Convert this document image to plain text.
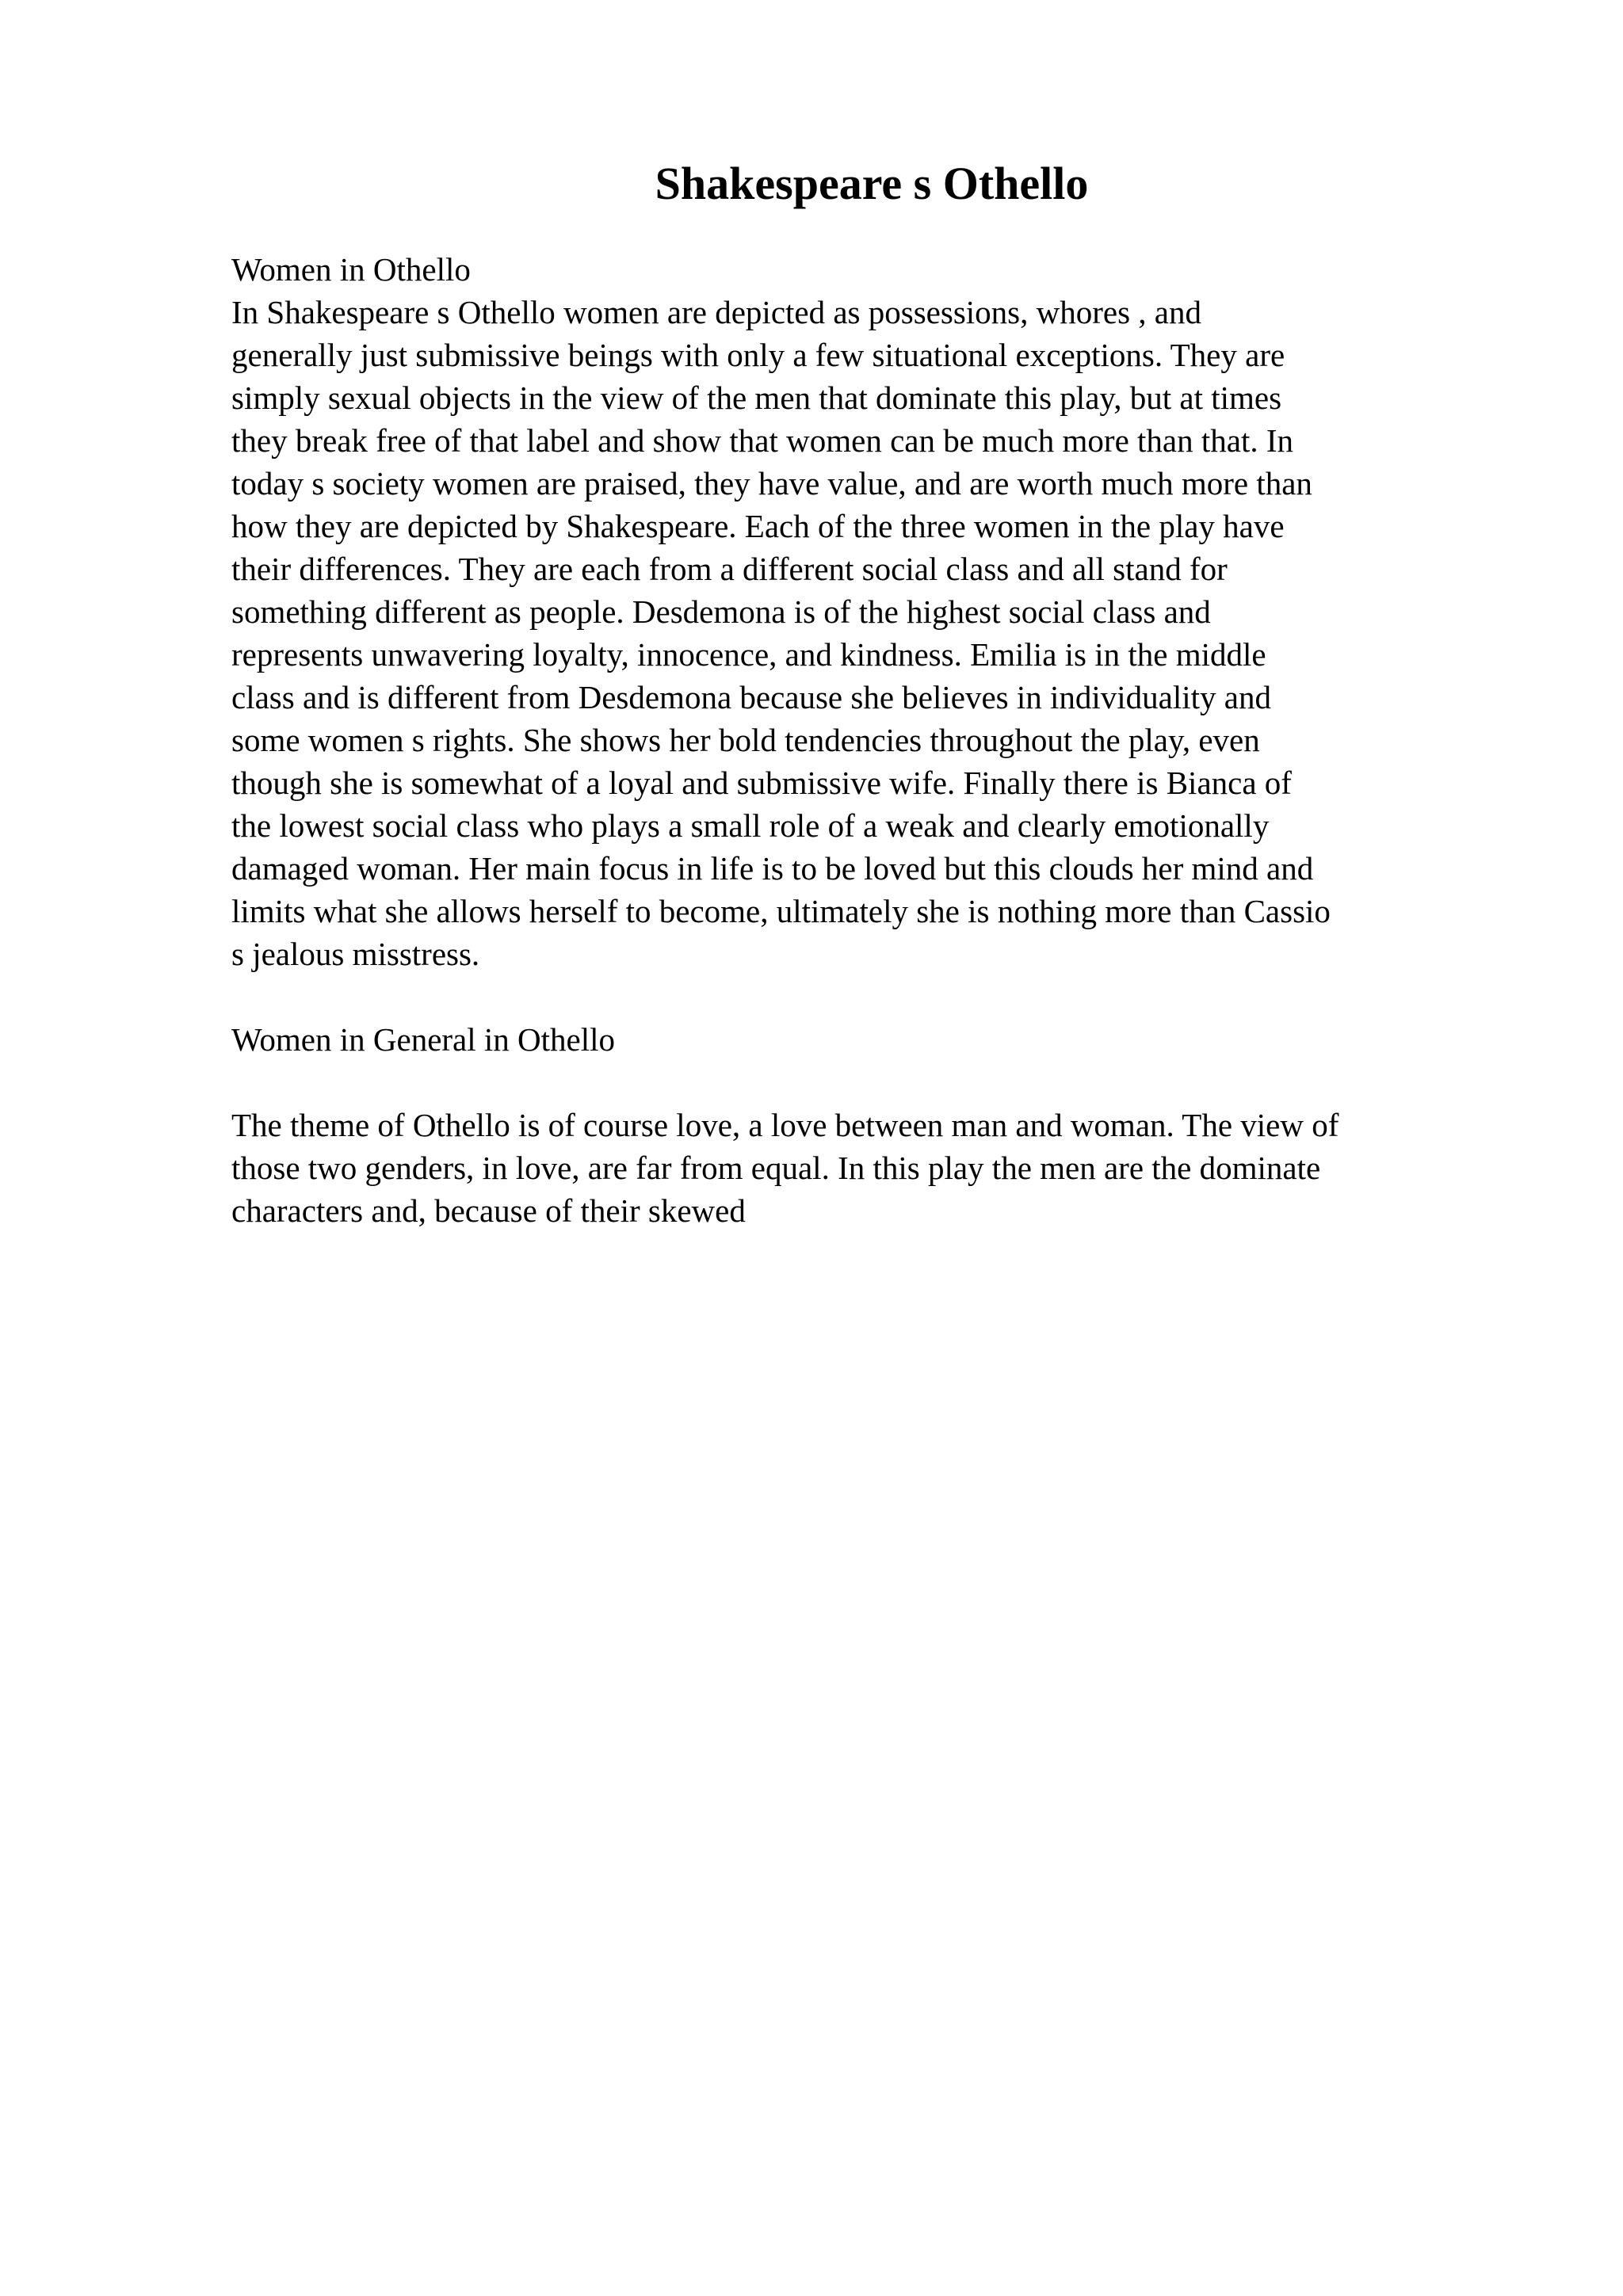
Shakespeare s Othello

Women in Othello

In Shakespeare s Othello women are depicted as possessions, whores , and

generally just submissive beings with only a few situational exceptions. They are

simply sexual objects in the view of the men that dominate this play, but at times

they break free of that label and show that women can be much more than that. In

today s society women are praised, they have value, and are worth much more than

how they are depicted by Shakespeare. Each of the three women in the play have

their differences. They are each from a different social class and all stand for

something different as people. Desdemona is of the highest social class and

represents unwavering loyalty, innocence, and kindness. Emilia is in the middle

class and is different from Desdemona because she believes in individuality and

some women s rights. She shows her bold tendencies throughout the play, even

though she is somewhat of a loyal and submissive wife. Finally there is Bianca of

the lowest social class who plays a small role of a weak and clearly emotionally

damaged woman. Her main focus in life is to be loved but this clouds her mind and

limits what she allows herself to become, ultimately she is nothing more than Cassio

s jealous misstress.

Women in General in Othello

The theme of Othello is of course love, a love between man and woman. The view of

those two genders, in love, are far from equal. In this play the men are the dominate

characters and, because of their skewed
